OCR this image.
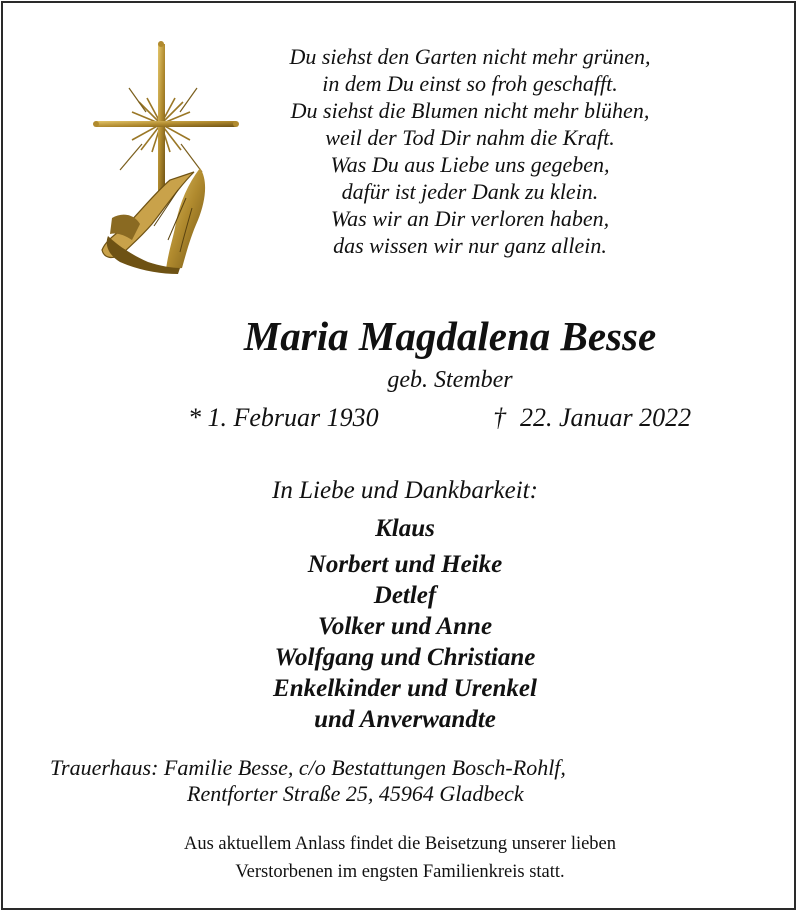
Du siehst den Garten nicht mehr grünen,
in dem Du einst so froh geschafft.
Du siehst die Blumen nicht mehr blühen,
weil der Tod Dir nahm die Kraft.
Was Du aus Liebe uns gegeben,
dafür ist jeder Dank zu klein.
Was wir an Dir verloren haben,
das wissen wir nur ganz allein.
Maria Magdalena Besse
geb. Stember
* 1. Februar 1930	† 22. Januar 2022
In Liebe und Dankbarkeit:
Klaus
Norbert und Heike
Detlef
Volker und Anne
Wolfgang und Christiane
Enkelkinder und Urenkel
und Anverwandte
Trauerhaus: Familie Besse, c/o Bestattungen Bosch-Rohlf,
Rentforter Straße 25, 45964 Gladbeck
Aus aktuellem Anlass findet die Beisetzung unserer lieben
Verstorbenen im engsten Familienkreis statt.
